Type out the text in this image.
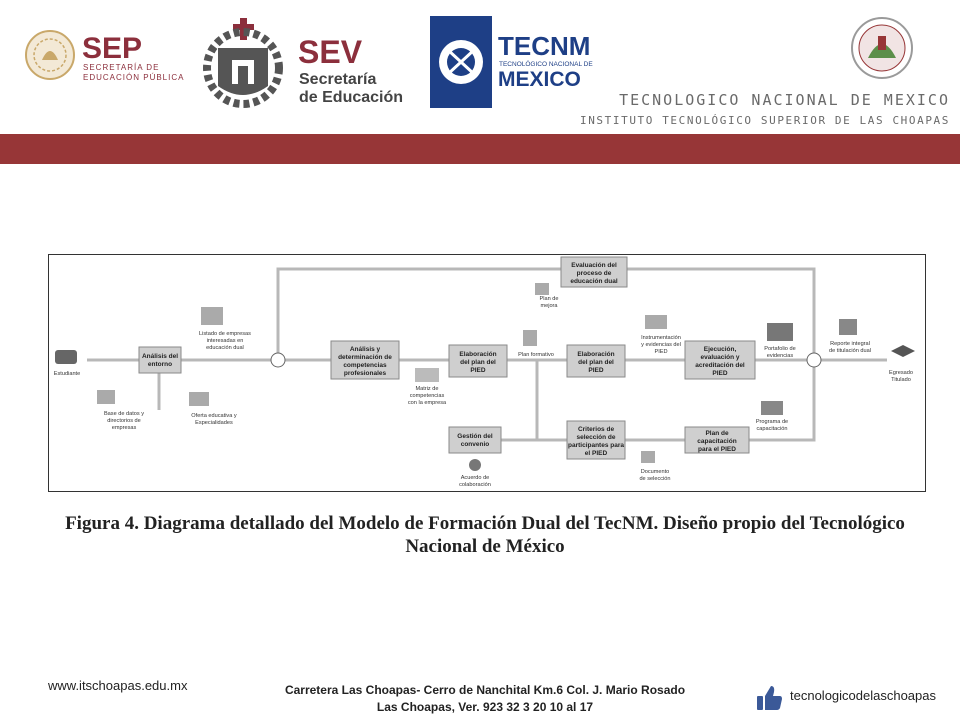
SEP
SECRETARÍA DE
EDUCACIÓN PÚBLICA
SEV
Secretaría
de Educación
TECNM
TECNOLÓGICO NACIONAL DE
MEXICO
TECNOLOGICO NACIONAL DE MEXICO
INSTITUTO TECNOLÓGICO SUPERIOR DE LAS CHOAPAS
Estudiante
Análisis del
entorno
Listado de empresas
interesadas en
educación dual
Base de datos y
directorios de
empresas
Oferta educativa y
Especialidades
Análisis y
determinación de
competencias
profesionales
Matriz de
competencias
con la empresa
Elaboración
del plan del
PIED
Plan formativo
Evaluación del
proceso de
educación dual
Plan de
mejora
Elaboración
del plan del
PIED
Instrumentación
y evidencias del
PIED	Ejecución,
evaluación y
acreditación del
PIED
Portafolio de
evidencias
Reporte integral
de titulación dual
Egresado
Titulado
Gestión del
convenio
Acuerdo de
colaboración
Criterios de
selección de
participantes para
el PIED
Documento
de selección
Plan de
capacitación
para el PIED
Programa de
capacitación
Figura 4. Diagrama detallado del Modelo de Formación Dual del TecNM. Diseño propio del Tecnológico
Nacional de México
www.itschoapas.edu.mx	Carretera Las Choapas- Cerro de Nanchital Km.6 Col. J. Mario Rosado
Las Choapas, Ver. 923 32 3 20 10 al 17
tecnologicodelaschoapas
